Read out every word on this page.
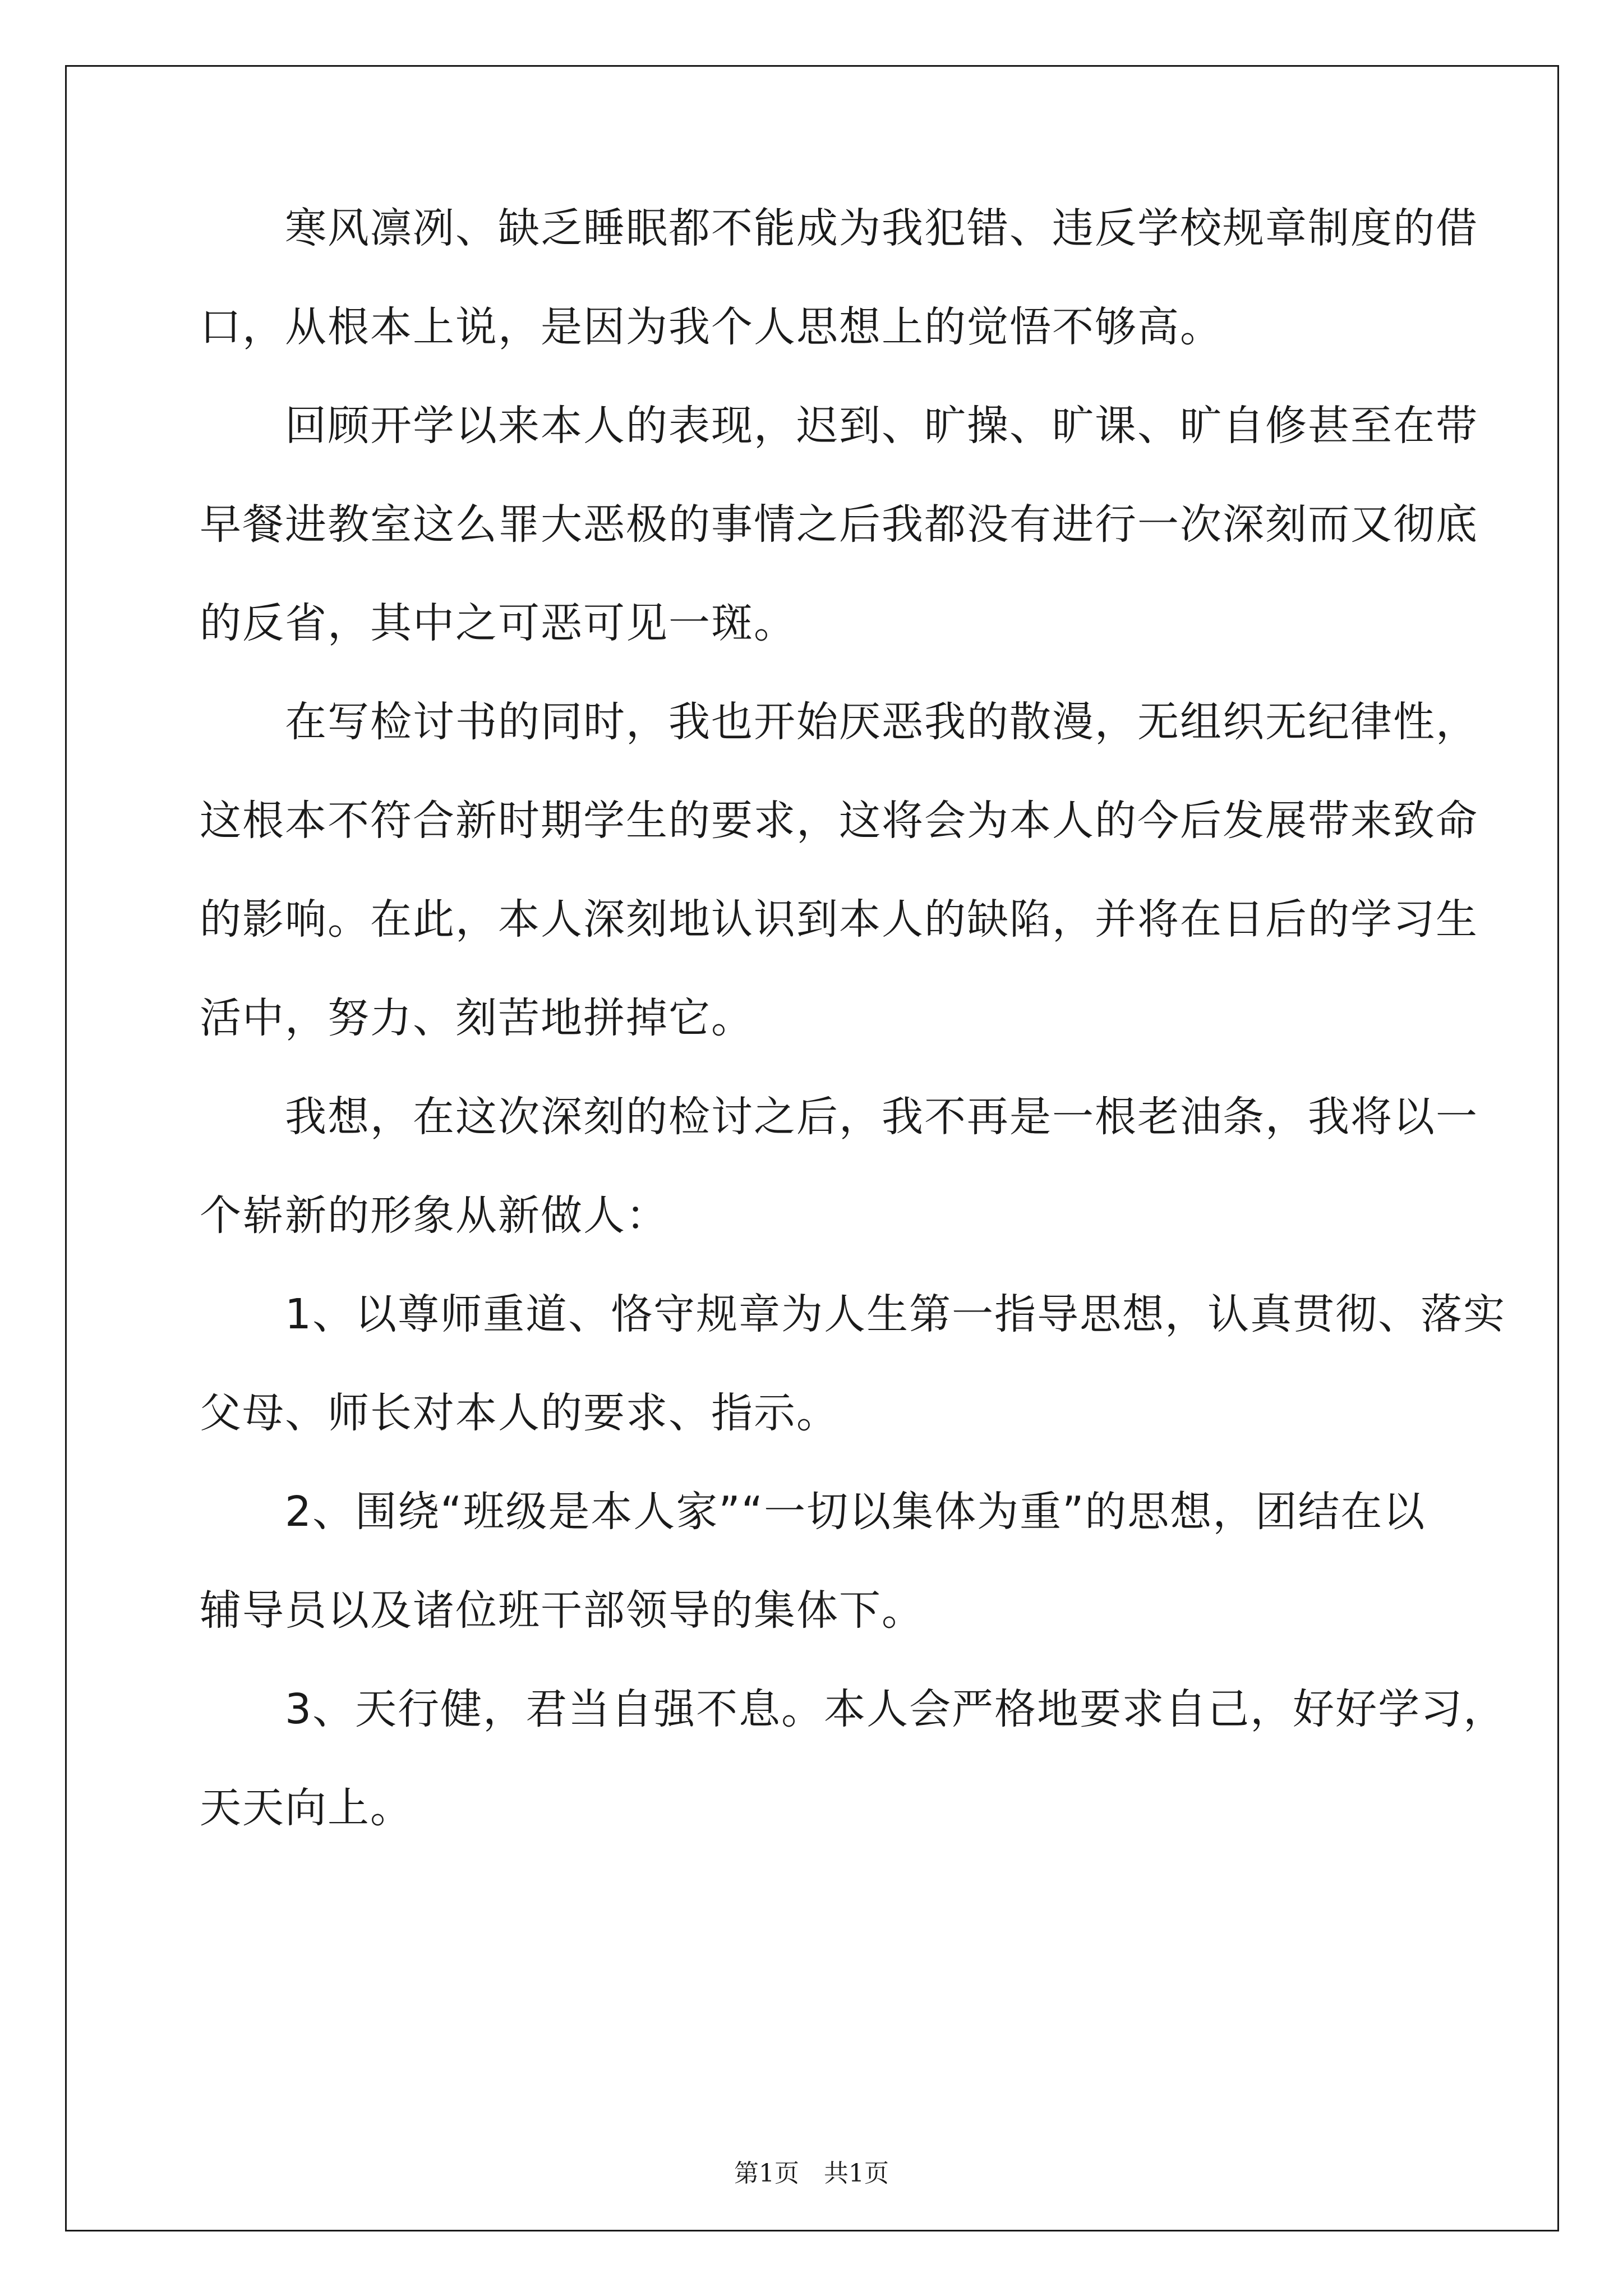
　　寒风凛冽、缺乏睡眠都不能成为我犯错、违反学校规章制度的借
口，从根本上说，是因为我个人思想上的觉悟不够高。
　　回顾开学以来本人的表现，迟到、旷操、旷课、旷自修甚至在带
早餐进教室这么罪大恶极的事情之后我都没有进行一次深刻而又彻底
的反省，其中之可恶可见一斑。
　　在写检讨书的同时，我也开始厌恶我的散漫，无组织无纪律性，
这根本不符合新时期学生的要求，这将会为本人的今后发展带来致命
的影响。在此，本人深刻地认识到本人的缺陷，并将在日后的学习生
活中，努力、刻苦地拼掉它。
　　我想，在这次深刻的检讨之后，我不再是一根老油条，我将以一
个崭新的形象从新做人：
　　1、以尊师重道、恪守规章为人生第一指导思想，认真贯彻、落实
父母、师长对本人的要求、指示。
　　2、围绕“班级是本人家”“一切以集体为重”的思想，团结在以
辅导员以及诸位班干部领导的集体下。
　　3、天行健，君当自强不息。本人会严格地要求自己，好好学习，
天天向上。
第1页　共1页
